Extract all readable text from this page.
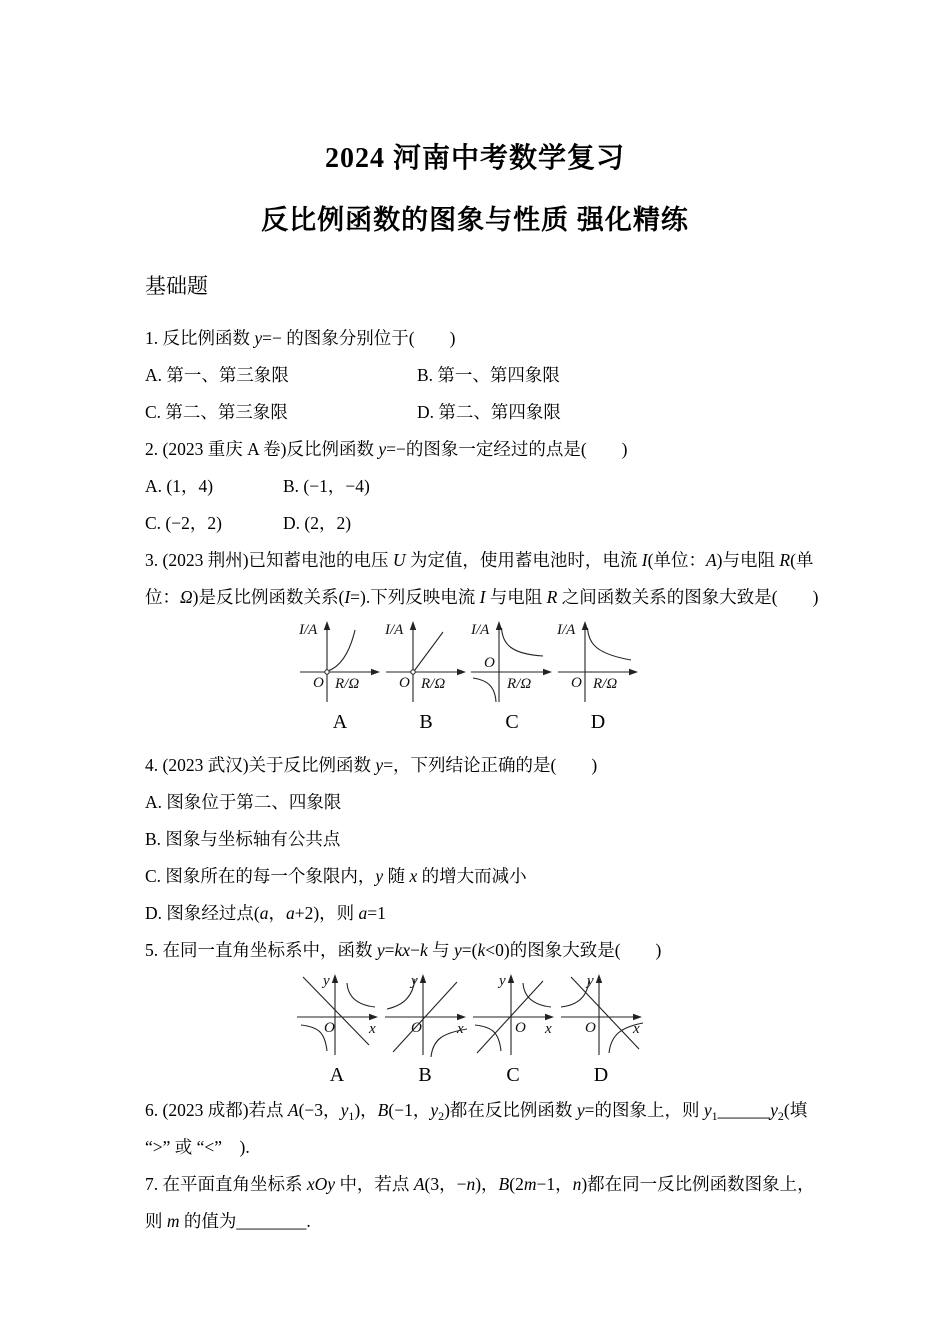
2024 河南中考数学复习
反比例函数的图象与性质 强化精练
基础题
1. 反比例函数 y=− 的图象分别位于(　　)
A. 第一、第三象限	B. 第一、第四象限
C. 第二、第三象限	D. 第二、第四象限
2. (2023 重庆 A 卷)反比例函数 y=−的图象一定经过的点是(　　)
A. (1，4)	B. (−1，−4)
C. (−2，2)	D. (2，2)
3. (2023 荆州)已知蓄电池的电压 U 为定值，使用蓄电池时，电流 I(单位：A)与电阻 R(单
位：Ω)是反比例函数关系(I=).下列反映电流 I 与电阻 R 之间函数关系的图象大致是(　　)
I/A
O R/Ω
I/A
O R/Ω
I/A
O
R/Ω
I/A
O R/Ω
A	B	C	D
4. (2023 武汉)关于反比例函数 y=，下列结论正确的是(　　)
A. 图象位于第二、四象限
B. 图象与坐标轴有公共点
C. 图象所在的每一个象限内，y 随 x 的增大而减小
D. 图象经过点(a，a+2)，则 a=1
5. 在同一直角坐标系中，函数 y=kx−k 与 y=(k<0)的图象大致是(　　)
y
O x
y
O x
y
O x
y
O x
A	B	C	D
6. (2023 成都)若点 A(−3，$y_1$)，B(−1，$y_2$)都在反比例函数 y=的图象上，则 $y_1\_\_\_\_\_\_y_2$(填
“>” 或 “<”　).
7. 在平面直角坐标系 xOy 中，若点 A(3，−n)，B(2m−1，n)都在同一反比例函数图象上，
则 m 的值为________.
